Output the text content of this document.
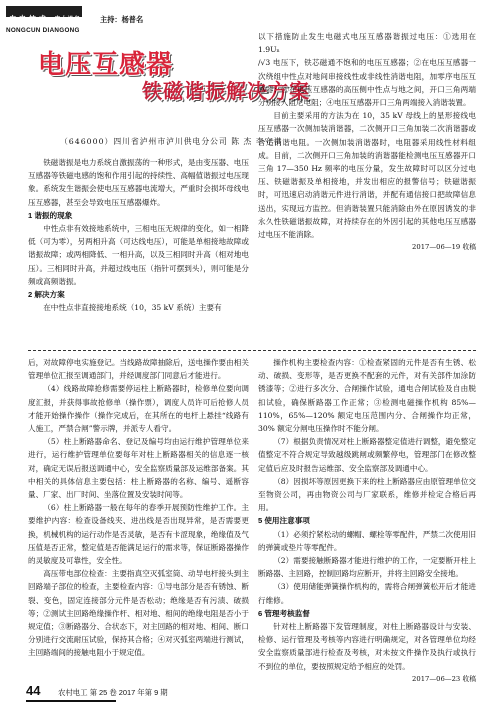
农 电 技 术 电力设备
NONGCUN DIANGONG
主持：杨普名
电压互感器
铁磁谐振解决方案
（646000）四川省泸州市泸川供电分公司 陈 杰 李守祺

铁磁谐振是电力系统自激振荡的一种形式，是由变压器、电压互感器等铁磁电感的饱和作用引起的持续性、高幅值谐振过电压现象。系统发生谐振会使电压互感器电流增大，严重时会损坏母线电压互感器，甚至会导致电压互感器爆炸。

1 谐振的现象

中性点非有效接地系统中，三相电压无规律的变化，如一相降低（可为零），另两相升高（可达线电压），可能是单相接地故障或谐振故障；或两相降低、一相升高，以及三相同时升高（相对地电压）。三相同时升高，并超过线电压（指针可摆到头），则可能是分频或高频谐振。

2 解决方案

在中性点非直接接地系统（10，35 kV 系统）主要有

以下措施防止发生电磁式电压互感器谐振过电压：①选用在 1.9Uₙ

/√3 电压下，铁芯磁通不饱和的电压互感器；②在电压互感器一次绕组中性点对地间串接线性或非线性消谐电阻，加零序电压互感器；③在电压互感器的高压侧中性点与地之间，开口三角两端分别接入阻尼电阻；④电压互感器开口三角两端接入消谐装置。

目前主要采用的方法为在 10，35 kV 母线上的星形接线电压互感器一次侧加装消谐器，二次侧开口三角加装二次消谐器或合适消谐电阻。一次侧加装消谐器时，电阻器采用线性材料组成。目前，二次侧开口三角加装的消谐器能检测电压互感器开口三角 17—350 Hz 频率的电压分量，发生故障时可以区分过电压、铁磁谐振及单相接地，并发出相应的报警信号；铁磁谐振时，可迅速启动消谐元件进行消谐，并配有通信接口把故障信息送出，实现远方监控。但消谐装置只能消除由外在原因诱发的非永久性铁磁谐振故障，对持续存在的外因引起的其他电压互感器过电压不能消除。

2017—06—19 收稿

后，对故障停电实施登记。当线路故障抽除后，送电操作要由相关管理单位汇报至调通部门，并经调度部门同意后才能进行。

（4）线路故障抢修需要停运柱上断路器时，检修单位要向调度汇报，并获得事故抢修单（操作票），调度人员许可后抢修人员才能开始操作操作（操作完成后，在其所在的电杆上悬挂“线路有人施工，严禁合闸”警示牌，并派专人看守。

（5）柱上断路器命名、登记及编号均由运行维护管理单位来进行，运行维护管理单位要每年对柱上断路器相关的信息逐一核对，确定无误后报送调通中心，安全监察质量部及运维部备案。其中相关的具体信息主要包括：柱上断路器的名称、编号、遥断容量、厂家、出厂时间、坐落位置及安装时间等。

（6）柱上断路器一般在每年的春季开展预防性维护工作。主要维护内容：检查设备线夹、进出线是否出现异常，是否需要更换，机械机构的运行动作是否灵敏，是否有卡涩现象，绝缘值及气压值是否正常，整定值是否能满足运行的需求等，保证断路器操作的灵敏度及可靠性，安全性。

高压带电部位检查：主要指真空灭弧室筒、动导电杆接头到主回路端子部位的检查，主要检查内容：①导电部分是否有锈蚀、断裂、变色，固定连接部分元件是否松动；绝缘是否有污渍、破损等；②测试主回路绝缘操作杆、相对地、相间的绝缘电阻是否小于规定值；③断路器分、合状态下，对主回路的相对地、相间、断口分别进行交流耐压试验，保持其合格；④对灭弧室两端进行测试，主回路端间的接触电阻小于规定值。

操作机构主要检查内容：①检查紧固的元件是否有生锈、松动、破损、变形等，是否更换不配套的元件，对有关部件加涂防锈漆等；②进行多次分、合闸操作试验，通电合闸试验及自由脱扣试验，确保断路器工作正常；③检测电磁操作机构 85%—110%，65%—120% 额定电压范围内分、合闸操作均正常，30% 额定分闸电压操作时不能分闸。

（7）根据负责情况对柱上断路器整定值进行调整，避免整定值整定不符合规定导致越级跳闸或频繁停电，管理部门在修改整定值后应及时报告运维部、安全监察部及调通中心。

（8）因损坏等原因更换下来的柱上断路器应由原管理单位交至物资公司，再由物资公司与厂家联系，维修并检定合格后再用。

5 使用注意事项

（1）必须拧紧松动的螺帽、螺栓等零配件，严禁二次使用旧的弹簧或垫片等零配件。

（2）需要接触断路器才能进行维护的工作，一定要断开柱上断路器、主回路，控制回路均应断开，并将主回路安全接地。

（3）使用储能弹簧操作机构的，需将合闸弹簧松开后才能进行维修。

6 管理考核监督

针对柱上断路器下发管理制度，对柱上断路器设计与安装、检修、运行管理及考核等内容进行明确规定，对各管理单位均经安全监察质量部进行检查及考核，对未按文件操作及执行或执行不到位的单位，要按照规定给予相应的处罚。

2017—06—23 收稿

44 农村电工 第 25 卷 2017 年第 9 期
